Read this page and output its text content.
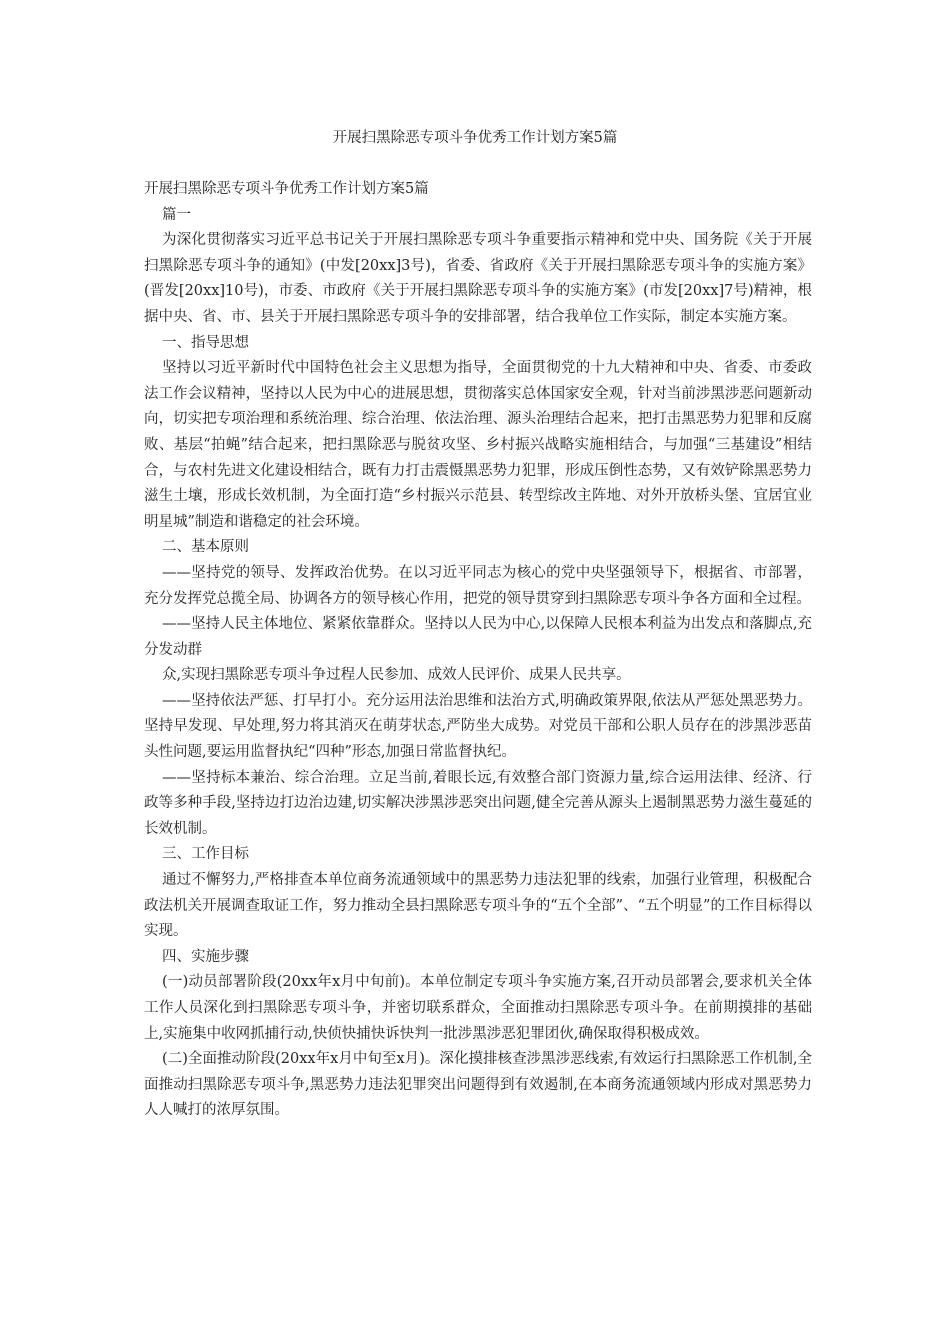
开展扫黑除恶专项斗争优秀工作计划方案5篇

开展扫黑除恶专项斗争优秀工作计划方案5篇

篇一

为深化贯彻落实习近平总书记关于开展扫黑除恶专项斗争重要指示精神和党中央、国务院《关于开展扫黑除恶专项斗争的通知》(中发[20xx]3号)，省委、省政府《关于开展扫黑除恶专项斗争的实施方案》(晋发[20xx]10号)，市委、市政府《关于开展扫黑除恶专项斗争的实施方案》(市发[20xx]7号)精神，根据中央、省、市、县关于开展扫黑除恶专项斗争的安排部署，结合我单位工作实际，制定本实施方案。

一、指导思想

坚持以习近平新时代中国特色社会主义思想为指导，全面贯彻党的十九大精神和中央、省委、市委政法工作会议精神，坚持以人民为中心的进展思想，贯彻落实总体国家安全观，针对当前涉黑涉恶问题新动向，切实把专项治理和系统治理、综合治理、依法治理、源头治理结合起来，把打击黑恶势力犯罪和反腐败、基层“拍蝇”结合起来，把扫黑除恶与脱贫攻坚、乡村振兴战略实施相结合，与加强“三基建设”相结合，与农村先进文化建设相结合，既有力打击震慑黑恶势力犯罪，形成压倒性态势，又有效铲除黑恶势力滋生土壤，形成长效机制，为全面打造“乡村振兴示范县、转型综改主阵地、对外开放桥头堡、宜居宜业明星城”制造和谐稳定的社会环境。

二、基本原则

——坚持党的领导、发挥政治优势。在以习近平同志为核心的党中央坚强领导下，根据省、市部署，充分发挥党总揽全局、协调各方的领导核心作用，把党的领导贯穿到扫黑除恶专项斗争各方面和全过程。

——坚持人民主体地位、紧紧依靠群众。坚持以人民为中心,以保障人民根本利益为出发点和落脚点,充分发动群

众,实现扫黑除恶专项斗争过程人民参加、成效人民评价、成果人民共享。

——坚持依法严惩、打早打小。充分运用法治思维和法治方式,明确政策界限,依法从严惩处黑恶势力。坚持早发现、早处理,努力将其消灭在萌芽状态,严防坐大成势。对党员干部和公职人员存在的涉黑涉恶苗头性问题,要运用监督执纪“四种”形态,加强日常监督执纪。

——坚持标本兼治、综合治理。立足当前,着眼长远,有效整合部门资源力量,综合运用法律、经济、行政等多种手段,坚持边打边治边建,切实解决涉黑涉恶突出问题,健全完善从源头上遏制黑恶势力滋生蔓延的长效机制。

三、工作目标

通过不懈努力,严格排查本单位商务流通领域中的黑恶势力违法犯罪的线索，加强行业管理，积极配合政法机关开展调查取证工作，努力推动全县扫黑除恶专项斗争的“五个全部”、“五个明显”的工作目标得以实现。

四、实施步骤

(一)动员部署阶段(20xx年x月中旬前)。本单位制定专项斗争实施方案,召开动员部署会,要求机关全体工作人员深化到扫黑除恶专项斗争，并密切联系群众，全面推动扫黑除恶专项斗争。在前期摸排的基础上,实施集中收网抓捕行动,快侦快捕快诉快判一批涉黑涉恶犯罪团伙,确保取得积极成效。

(二)全面推动阶段(20xx年x月中旬至x月)。深化摸排核查涉黑涉恶线索,有效运行扫黑除恶工作机制,全面推动扫黑除恶专项斗争,黑恶势力违法犯罪突出问题得到有效遏制,在本商务流通领域内形成对黑恶势力人人喊打的浓厚氛围。
